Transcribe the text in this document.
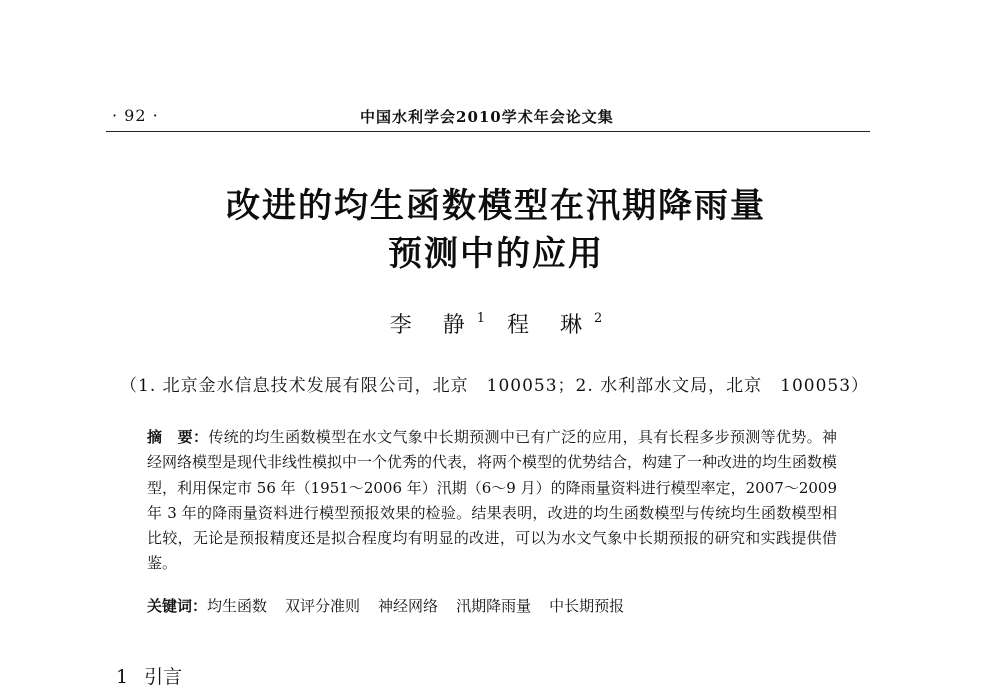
· 92 ·	中国水利学会2010学术年会论文集
改进的均生函数模型在汛期降雨量
预测中的应用
李 静$^1$ 程 琳$^2$
（1. 北京金水信息技术发展有限公司，北京　100053；2. 水利部水文局，北京　100053）
摘　要：传统的均生函数模型在水文气象中长期预测中已有广泛的应用，具有长程多步预测等优势。神经网络模型是现代非线性模拟中一个优秀的代表，将两个模型的优势结合，构建了一种改进的均生函数模型，利用保定市 56 年（1951～2006 年）汛期（6～9 月）的降雨量资料进行模型率定，2007～2009 年 3 年的降雨量资料进行模型预报效果的检验。结果表明，改进的均生函数模型与传统均生函数模型相比较，无论是预报精度还是拟合程度均有明显的改进，可以为水文气象中长期预报的研究和实践提供借鉴。
关键词：均生函数 双评分准则 神经网络 汛期降雨量 中长期预报
1 引言
